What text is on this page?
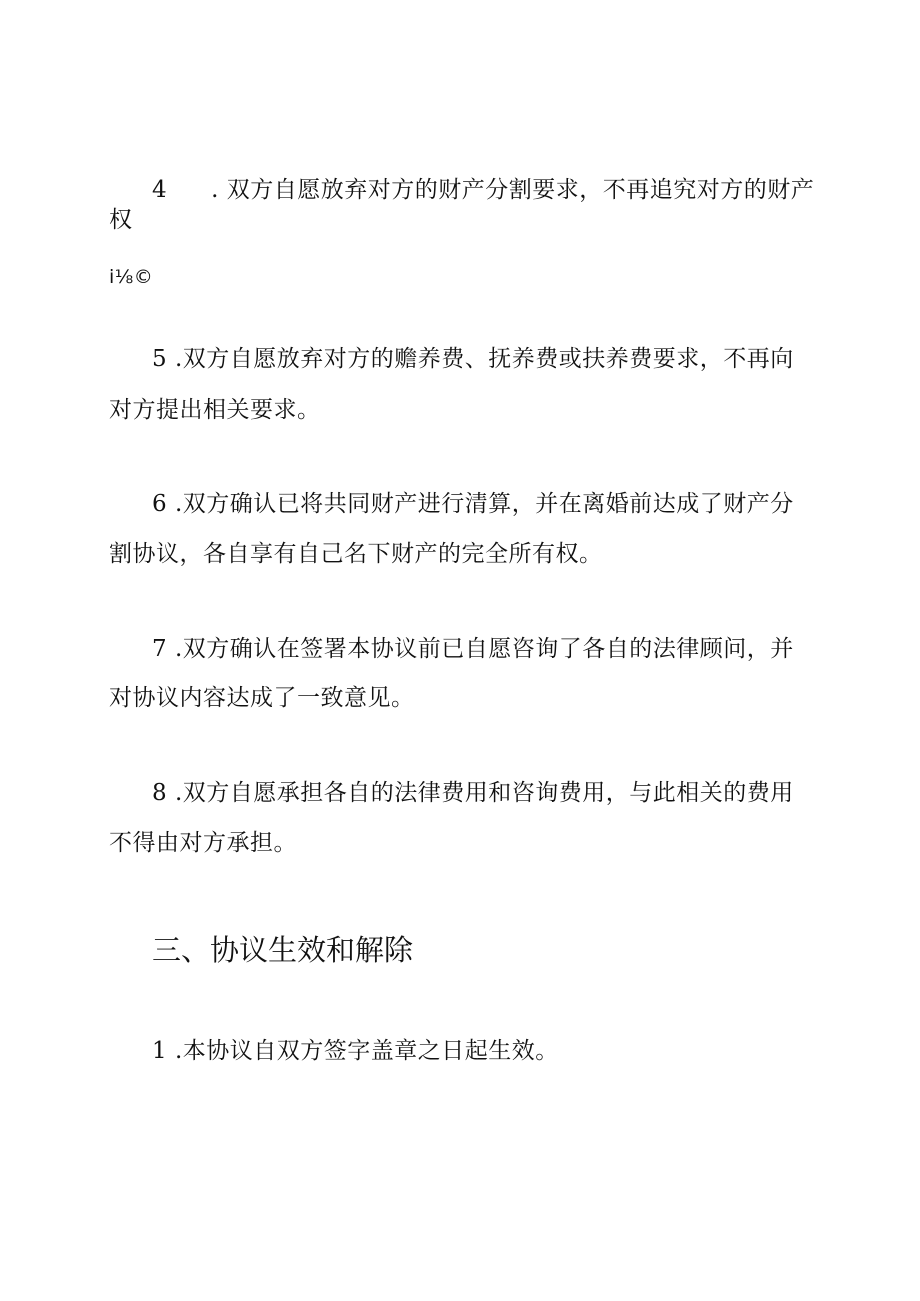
4 . 双方自愿放弃对方的财产分割要求，不再追究对方的财产
权
i⅛©
5 .双方自愿放弃对方的赡养费、抚养费或扶养费要求，不再向
对方提出相关要求。
6 .双方确认已将共同财产进行清算，并在离婚前达成了财产分
割协议，各自享有自己名下财产的完全所有权。
7 .双方确认在签署本协议前已自愿咨询了各自的法律顾问，并
对协议内容达成了一致意见。
8 .双方自愿承担各自的法律费用和咨询费用，与此相关的费用
不得由对方承担。
三、协议生效和解除
1 .本协议自双方签字盖章之日起生效。
